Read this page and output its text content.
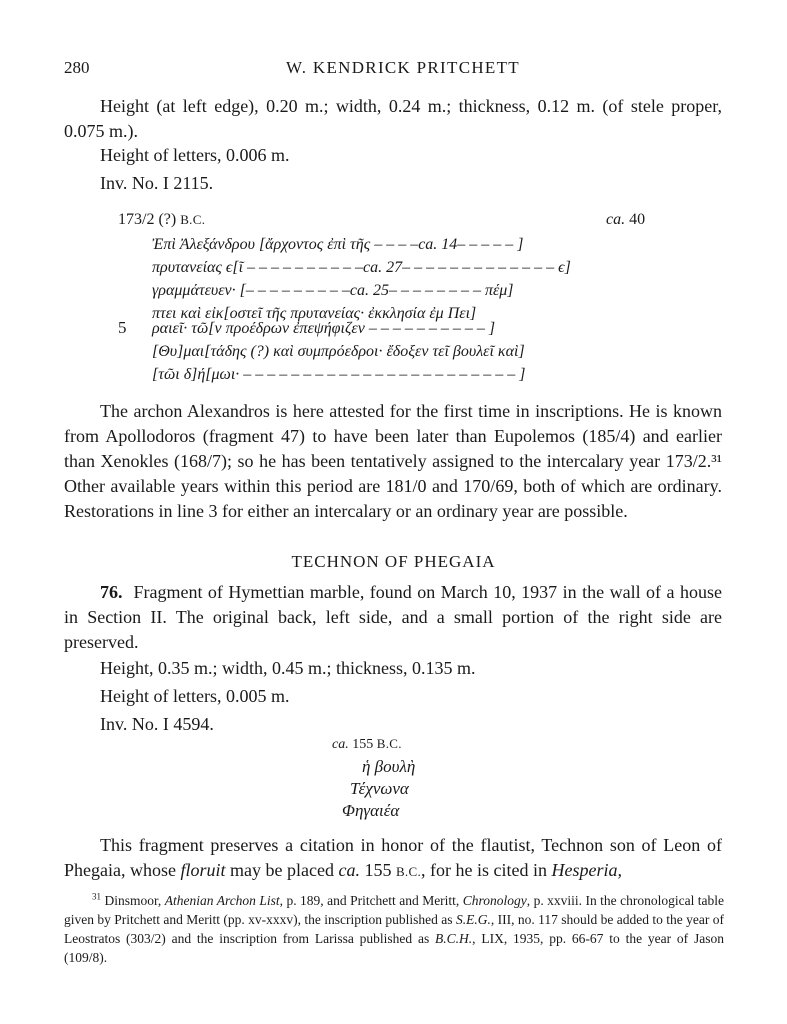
280	W. KENDRICK PRITCHETT
Height (at left edge), 0.20 m.; width, 0.24 m.; thickness, 0.12 m. (of stele proper, 0.075 m.).
Height of letters, 0.006 m.
Inv. No. I 2115.
173/2 (?) B.C.	ca. 40
Ἐπὶ Ἀλεξάνδρου [ἄρχοντος ἐπὶ τῆς – – – –ca. 14– – – – – ]
πρυτανείας ϵ[ῖ – – – – – – – – – –ca. 27– – – – – – – – – – – – – ϵ]
γραμμάτευεν· [– – – – – – – – –ca. 25– – – – – – – – πέμ]
πτει καὶ εἰκ[οστεῖ τῆς πρυτανείας· ἐκκλησία ἐμ Πει]
5 ραιεῖ· τῶ[ν προέδρων ἐπεψήφιζεν – – – – – – – – – – ]
[Θυ]μαι[τάδης (?) καὶ συμπρόεδροι· ἔδοξεν τεῖ βουλεῖ καὶ]
[τῶι δ]ή[μωι· – – – – – – – – – – – – – – – – – – – – – – – ]
The archon Alexandros is here attested for the first time in inscriptions. He is known from Apollodoros (fragment 47) to have been later than Eupolemos (185/4) and earlier than Xenokles (168/7); so he has been tentatively assigned to the intercalary year 173/2.³¹ Other available years within this period are 181/0 and 170/69, both of which are ordinary. Restorations in line 3 for either an intercalary or an ordinary year are possible.
TECHNON OF PHEGAIA
76. Fragment of Hymettian marble, found on March 10, 1937 in the wall of a house in Section II. The original back, left side, and a small portion of the right side are preserved.
Height, 0.35 m.; width, 0.45 m.; thickness, 0.135 m.
Height of letters, 0.005 m.
Inv. No. I 4594.
ca. 155 B.C.
ἡ βουλὴ
Τέχνωνα
Φηγαιέα
This fragment preserves a citation in honor of the flautist, Technon son of Leon of Phegaia, whose floruit may be placed ca. 155 B.C., for he is cited in Hesperia,
$^{31}$ Dinsmoor, Athenian Archon List, p. 189, and Pritchett and Meritt, Chronology, p. xxviii. In the chronological table given by Pritchett and Meritt (pp. xv-xxxv), the inscription published as S.E.G., III, no. 117 should be added to the year of Leostratos (303/2) and the inscription from Larissa published as B.C.H., LIX, 1935, pp. 66-67 to the year of Jason (109/8).
